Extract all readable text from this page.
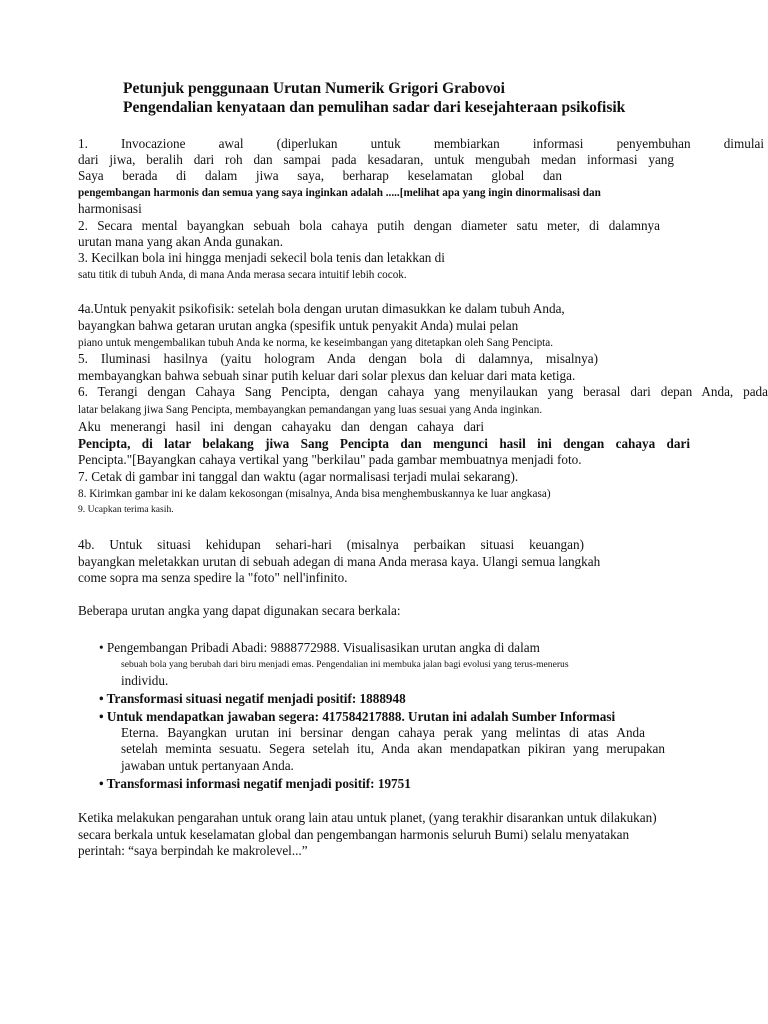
Petunjuk penggunaan Urutan Numerik Grigori Grabovoi
Pengendalian kenyataan dan pemulihan sadar dari kesejahteraan psikofisik
1. Invocazione awal (diperlukan untuk membiarkan informasi penyembuhan dimulai
dari jiwa, beralih dari roh dan sampai pada kesadaran, untuk mengubah medan informasi yang
Saya berada di dalam jiwa saya, berharap keselamatan global dan
pengembangan harmonis dan semua yang saya inginkan adalah .....[melihat apa yang ingin dinormalisasi dan
harmonisasi
2. Secara mental bayangkan sebuah bola cahaya putih dengan diameter satu meter, di dalamnya
urutan mana yang akan Anda gunakan.
3. Kecilkan bola ini hingga menjadi sekecil bola tenis dan letakkan di
satu titik di tubuh Anda, di mana Anda merasa secara intuitif lebih cocok.
4a.Untuk penyakit psikofisik: setelah bola dengan urutan dimasukkan ke dalam tubuh Anda,
bayangkan bahwa getaran urutan angka (spesifik untuk penyakit Anda) mulai pelan
piano untuk mengembalikan tubuh Anda ke norma, ke keseimbangan yang ditetapkan oleh Sang Pencipta.
5. Iluminasi hasilnya (yaitu hologram Anda dengan bola di dalamnya, misalnya)
membayangkan bahwa sebuah sinar putih keluar dari solar plexus dan keluar dari mata ketiga.
6. Terangi dengan Cahaya Sang Pencipta, dengan cahaya yang menyilaukan yang berasal dari depan Anda, pada
latar belakang jiwa Sang Pencipta, membayangkan pemandangan yang luas sesuai yang Anda inginkan.
Aku menerangi hasil ini dengan cahayaku dan dengan cahaya dari
Pencipta, di latar belakang jiwa Sang Pencipta dan mengunci hasil ini dengan cahaya dari
Pencipta."[Bayangkan cahaya vertikal yang "berkilau" pada gambar membuatnya menjadi foto.
7. Cetak di gambar ini tanggal dan waktu (agar normalisasi terjadi mulai sekarang).
8. Kirimkan gambar ini ke dalam kekosongan (misalnya, Anda bisa menghembuskannya ke luar angkasa)
9. Ucapkan terima kasih.
4b. Untuk situasi kehidupan sehari-hari (misalnya perbaikan situasi keuangan)
bayangkan meletakkan urutan di sebuah adegan di mana Anda merasa kaya. Ulangi semua langkah
come sopra ma senza spedire la "foto" nell'infinito.
Beberapa urutan angka yang dapat digunakan secara berkala:
• Pengembangan Pribadi Abadi: 9888772988. Visualisasikan urutan angka di dalam
sebuah bola yang berubah dari biru menjadi emas. Pengendalian ini membuka jalan bagi evolusi yang terus-menerus
individu.
• Transformasi situasi negatif menjadi positif: 1888948
• Untuk mendapatkan jawaban segera: 417584217888. Urutan ini adalah Sumber Informasi
Eterna. Bayangkan urutan ini bersinar dengan cahaya perak yang melintas di atas Anda
setelah meminta sesuatu. Segera setelah itu, Anda akan mendapatkan pikiran yang merupakan
jawaban untuk pertanyaan Anda.
• Transformasi informasi negatif menjadi positif: 19751
Ketika melakukan pengarahan untuk orang lain atau untuk planet, (yang terakhir disarankan untuk dilakukan)
secara berkala untuk keselamatan global dan pengembangan harmonis seluruh Bumi) selalu menyatakan
perintah: “saya berpindah ke makrolevel...”
